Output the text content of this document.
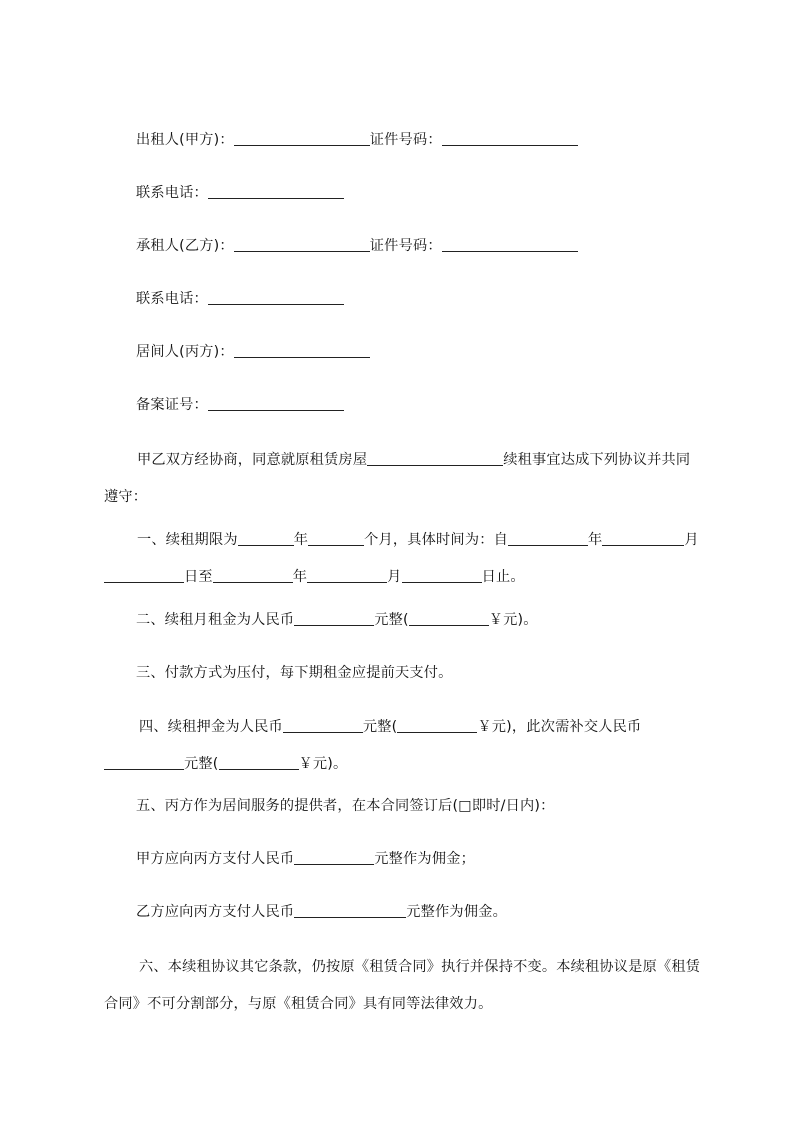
出租人(甲方)：	证件号码：
联系电话：
承租人(乙方)：	证件号码：
联系电话：
居间人(丙方)：
备案证号：
甲乙双方经协商，同意就原租赁房屋	续租事宜达成下列协议并共同遵守：
一、续租期限为	年	个月，具体时间为：自	年	月日至	年	月	日止。
二、续租月租金为人民币	元整(	￥元)。
三、付款方式为压付，每下期租金应提前天支付。
四、续租押金为人民币	元整(	￥元)，此次需补交人民币元整(	￥元)。
五、丙方作为居间服务的提供者，在本合同签订后(□即时/日内)：
甲方应向丙方支付人民币	元整作为佣金；
乙方应向丙方支付人民币	元整作为佣金。
六、本续租协议其它条款，仍按原《租赁合同》执行并保持不变。本续租协议是原《租赁合同》不可分割部分，与原《租赁合同》具有同等法律效力。
